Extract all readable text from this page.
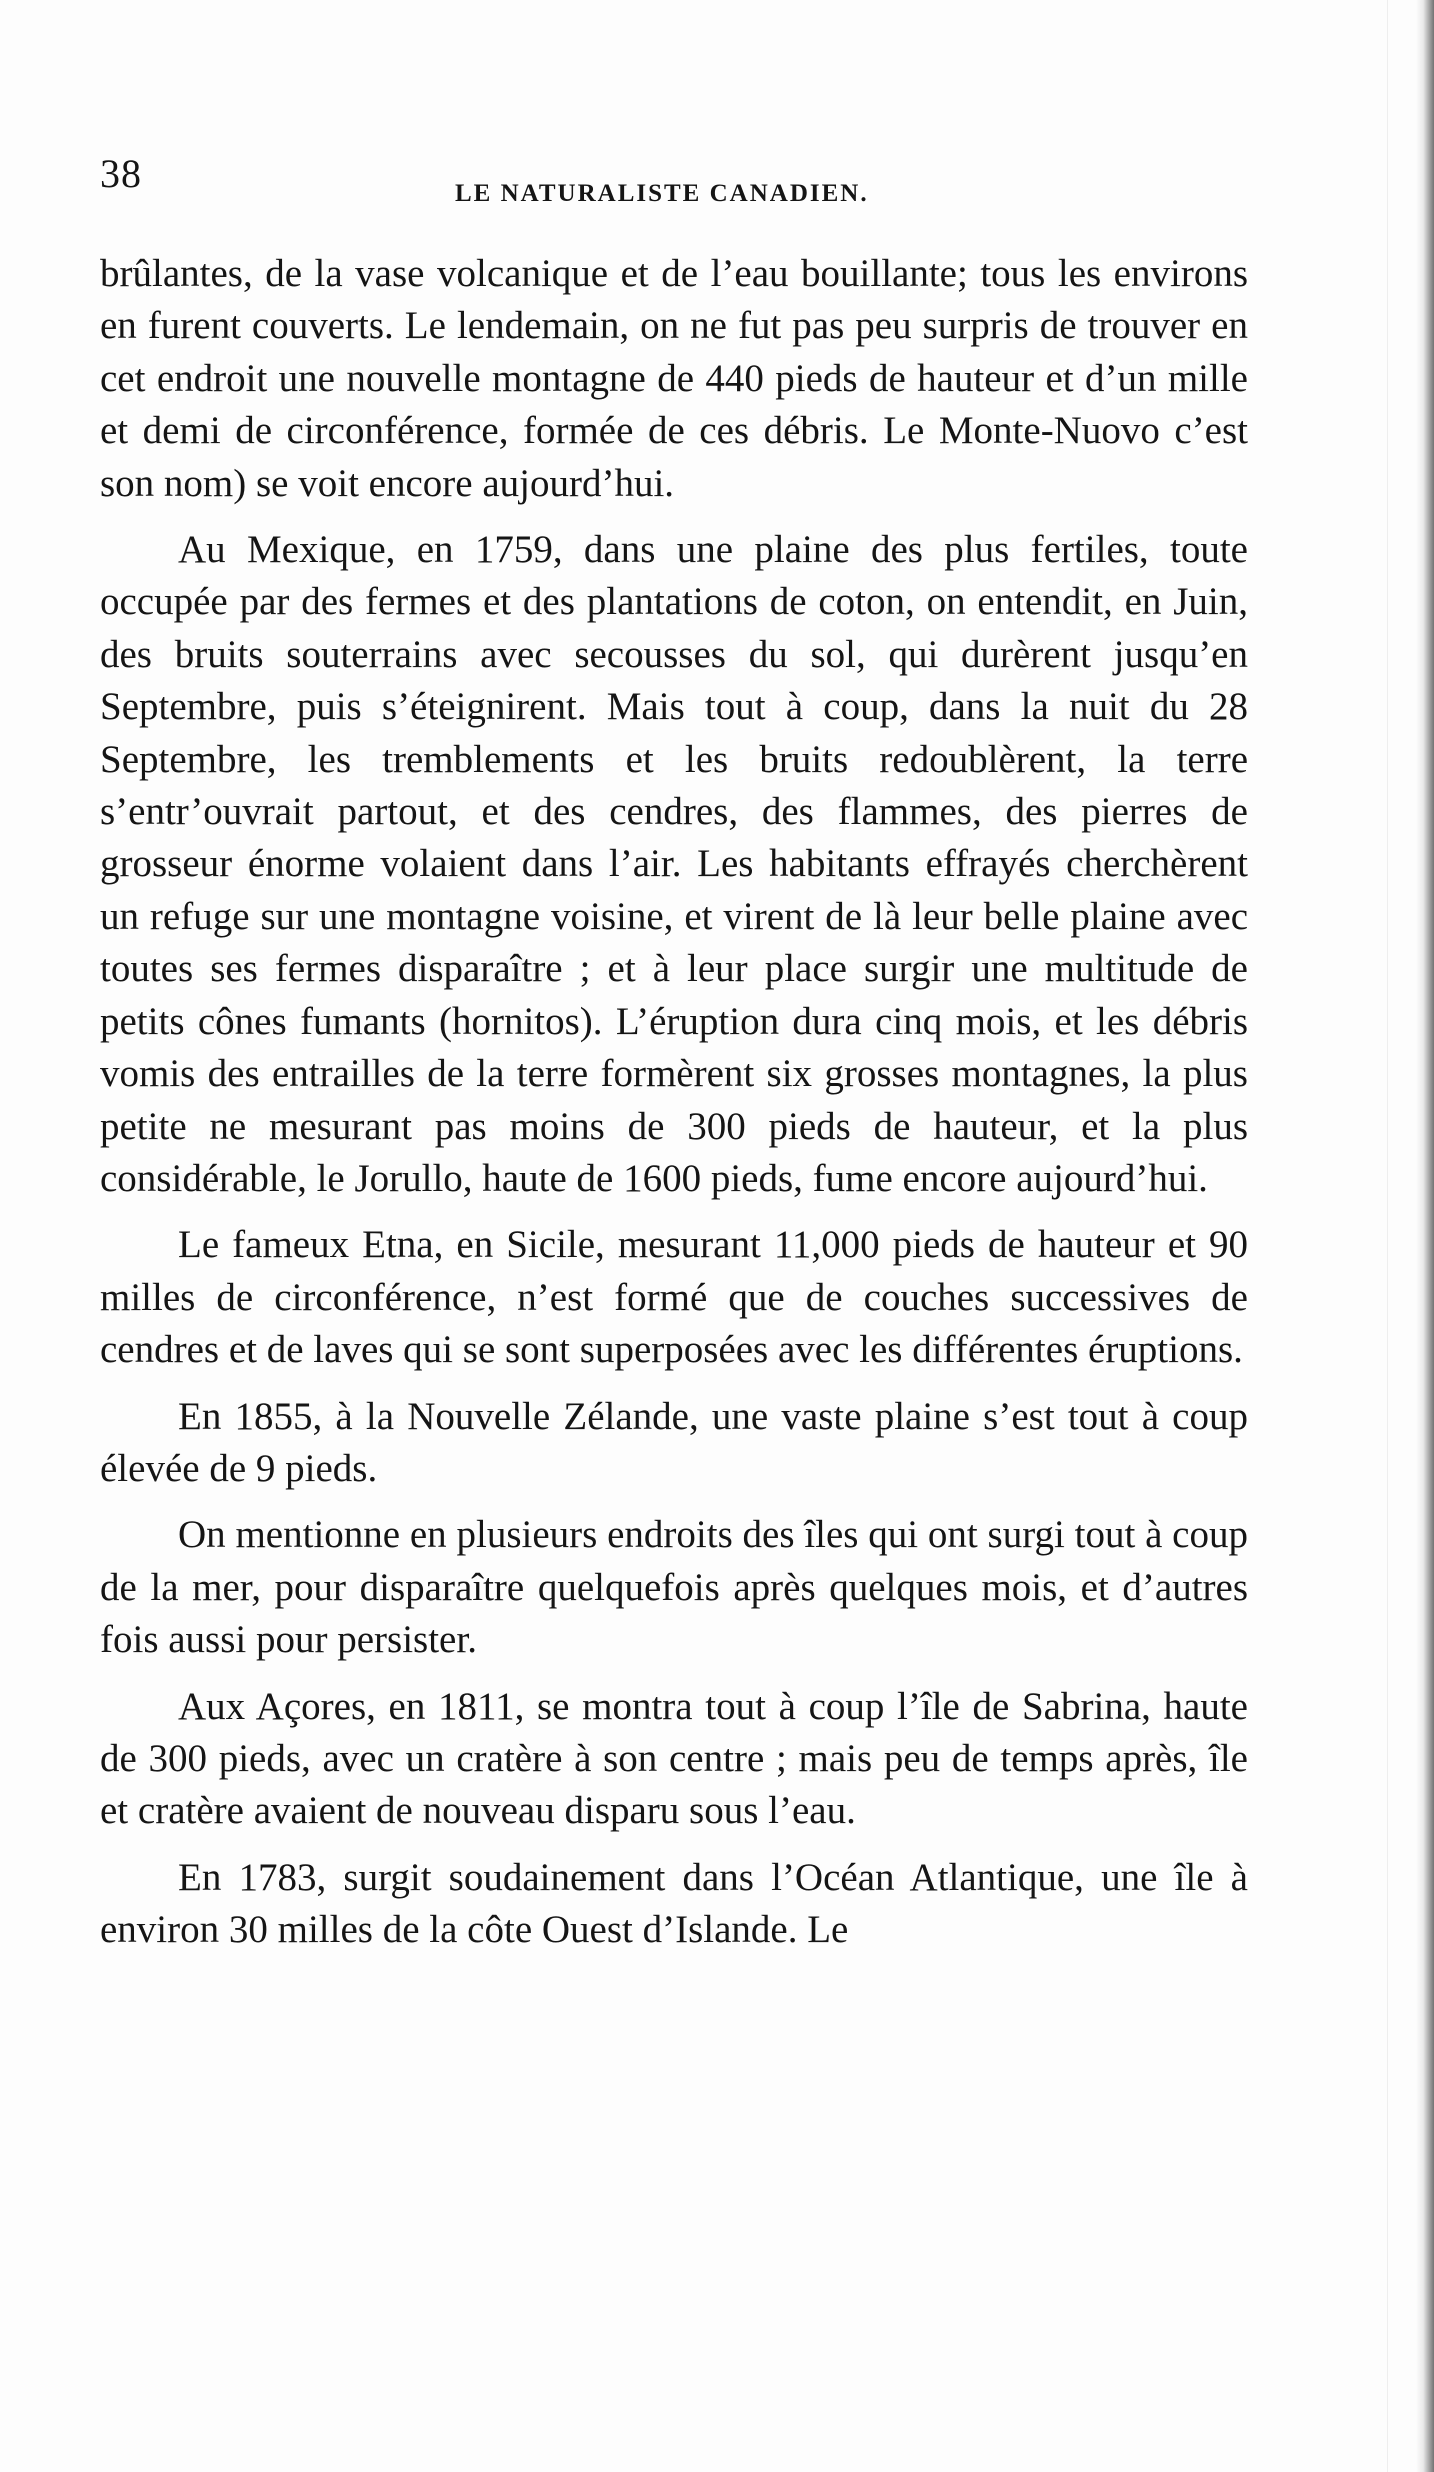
38	LE NATURALISTE CANADIEN.

brûlantes, de la vase volcanique et de l’eau bouillante; tous les environs en furent couverts. Le lendemain, on ne fut pas peu surpris de trouver en cet endroit une nouvelle montagne de 440 pieds de hauteur et d’un mille et demi de circonférence, formée de ces débris. Le Monte-Nuovo c’est son nom) se voit encore aujourd’hui.

Au Mexique, en 1759, dans une plaine des plus fertiles, toute occupée par des fermes et des plantations de coton, on entendit, en Juin, des bruits souterrains avec secousses du sol, qui durèrent jusqu’en Septembre, puis s’éteignirent. Mais tout à coup, dans la nuit du 28 Septembre, les tremblements et les bruits redoublèrent, la terre s’entr’ouvrait partout, et des cendres, des flammes, des pierres de grosseur énorme volaient dans l’air. Les habitants effrayés cherchèrent un refuge sur une montagne voisine, et virent de là leur belle plaine avec toutes ses fermes disparaître ; et à leur place surgir une multitude de petits cônes fumants (hornitos). L’éruption dura cinq mois, et les débris vomis des entrailles de la terre formèrent six grosses montagnes, la plus petite ne mesurant pas moins de 300 pieds de hauteur, et la plus considérable, le Jorullo, haute de 1600 pieds, fume encore aujourd’hui.

Le fameux Etna, en Sicile, mesurant 11,000 pieds de hauteur et 90 milles de circonférence, n’est formé que de couches successives de cendres et de laves qui se sont superposées avec les différentes éruptions.

En 1855, à la Nouvelle Zélande, une vaste plaine s’est tout à coup élevée de 9 pieds.

On mentionne en plusieurs endroits des îles qui ont surgi tout à coup de la mer, pour disparaître quelquefois après quelques mois, et d’autres fois aussi pour persister.

Aux Açores, en 1811, se montra tout à coup l’île de Sabrina, haute de 300 pieds, avec un cratère à son centre ; mais peu de temps après, île et cratère avaient de nouveau disparu sous l’eau.

En 1783, surgit soudainement dans l’Océan Atlantique, une île à environ 30 milles de la côte Ouest d’Islande. Le
